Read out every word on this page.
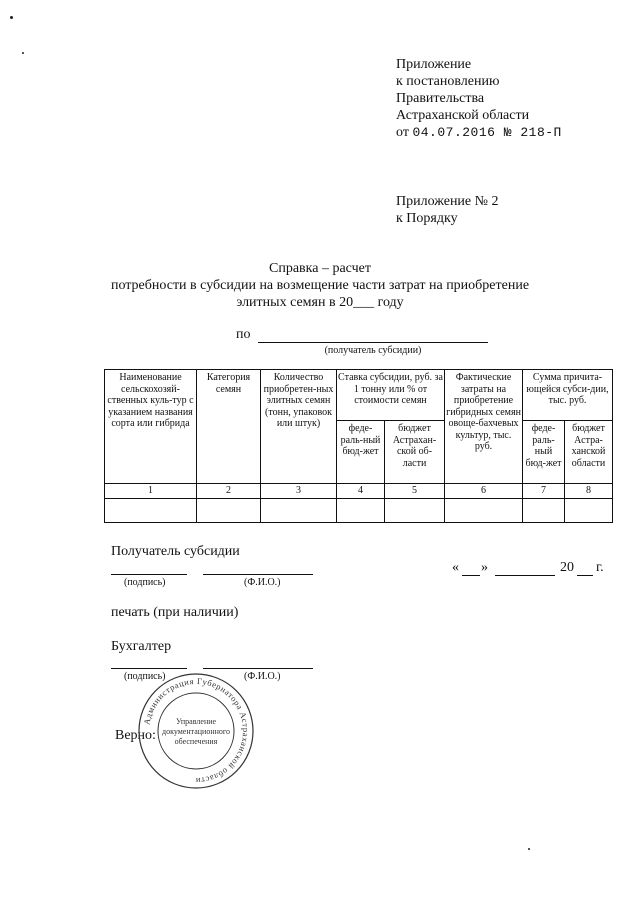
Приложение
к постановлению
Правительства
Астраханской области
от 04.07.2016 № 218-П
Приложение № 2
к Порядку
Справка – расчет
потребности в субсидии на возмещение части затрат на приобретение
элитных семян в 20___ году
по
(получатель субсидии)
Наименование сельскохозяй-ственных куль-тур с указанием названия сорта или гибрида	Категория семян	Количество приобретен-ных элитных семян (тонн, упаковок или штук)	Ставка субсидии, руб. за 1 тонну или % от стоимости семян		Фактические затраты на приобретение гибридных семян овоще-бахчевых культур, тыс. руб.	Сумма причита-ющейся субси-дии, тыс. руб.	
			феде-раль-ный бюд-жет	бюджет Астрахан-ской об-ласти		феде-раль-ный бюд-жет	бюджет Астра-ханской области
1	2	3	4	5	6	7	8

Получатель субсидии
(подпись)	(Ф.И.О.)
« »	20 г.
печать (при наличии)
Бухгалтер
(подпись)	(Ф.И.О.)
Верно:
Администрация Губернатора Астраханской области
Управление
документационного
обеспечения
